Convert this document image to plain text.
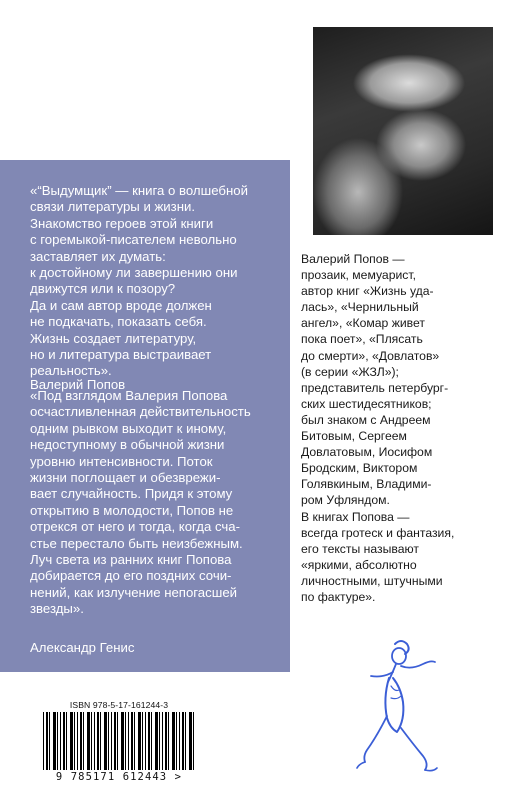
«“Выдумщик” — книга о волшебной
связи литературы и жизни.
Знакомство героев этой книги
с горемыкой-писателем невольно
заставляет их думать:
к достойному ли завершению они
движутся или к позору?
Да и сам автор вроде должен
не подкачать, показать себя.
Жизнь создает литературу,
но и литература выстраивает
реальность».

Валерий Попов

«Под взглядом Валерия Попова
осчастливленная действительность
одним рывком выходит к иному,
недоступному в обычной жизни
уровню интенсивности. Поток
жизни поглощает и обезврежи-
вает случайность. Придя к этому
открытию в молодости, Попов не
отрекся от него и тогда, когда сча-
стье перестало быть неизбежным.
Луч света из ранних книг Попова
добирается до его поздних сочи-
нений, как излучение непогасшей
звезды».

Александр Генис

Валерий Попов —
прозаик, мемуарист,
автор книг «Жизнь уда-
лась», «Чернильный
ангел», «Комар живет
пока поет», «Плясать
до смерти», «Довлатов»
(в серии «ЖЗЛ»);
представитель петербург-
ских шестидесятников;
был знаком с Андреем
Битовым, Сергеем
Довлатовым, Иосифом
Бродским, Виктором
Голявкиным, Владими-
ром Уфляндом.
В книгах Попова —
всегда гротеск и фантазия,
его тексты называют
«яркими, абсолютно
личностными, штучными
по фактуре».

ISBN 978-5-17-161244-3
9 785171 612443 >
